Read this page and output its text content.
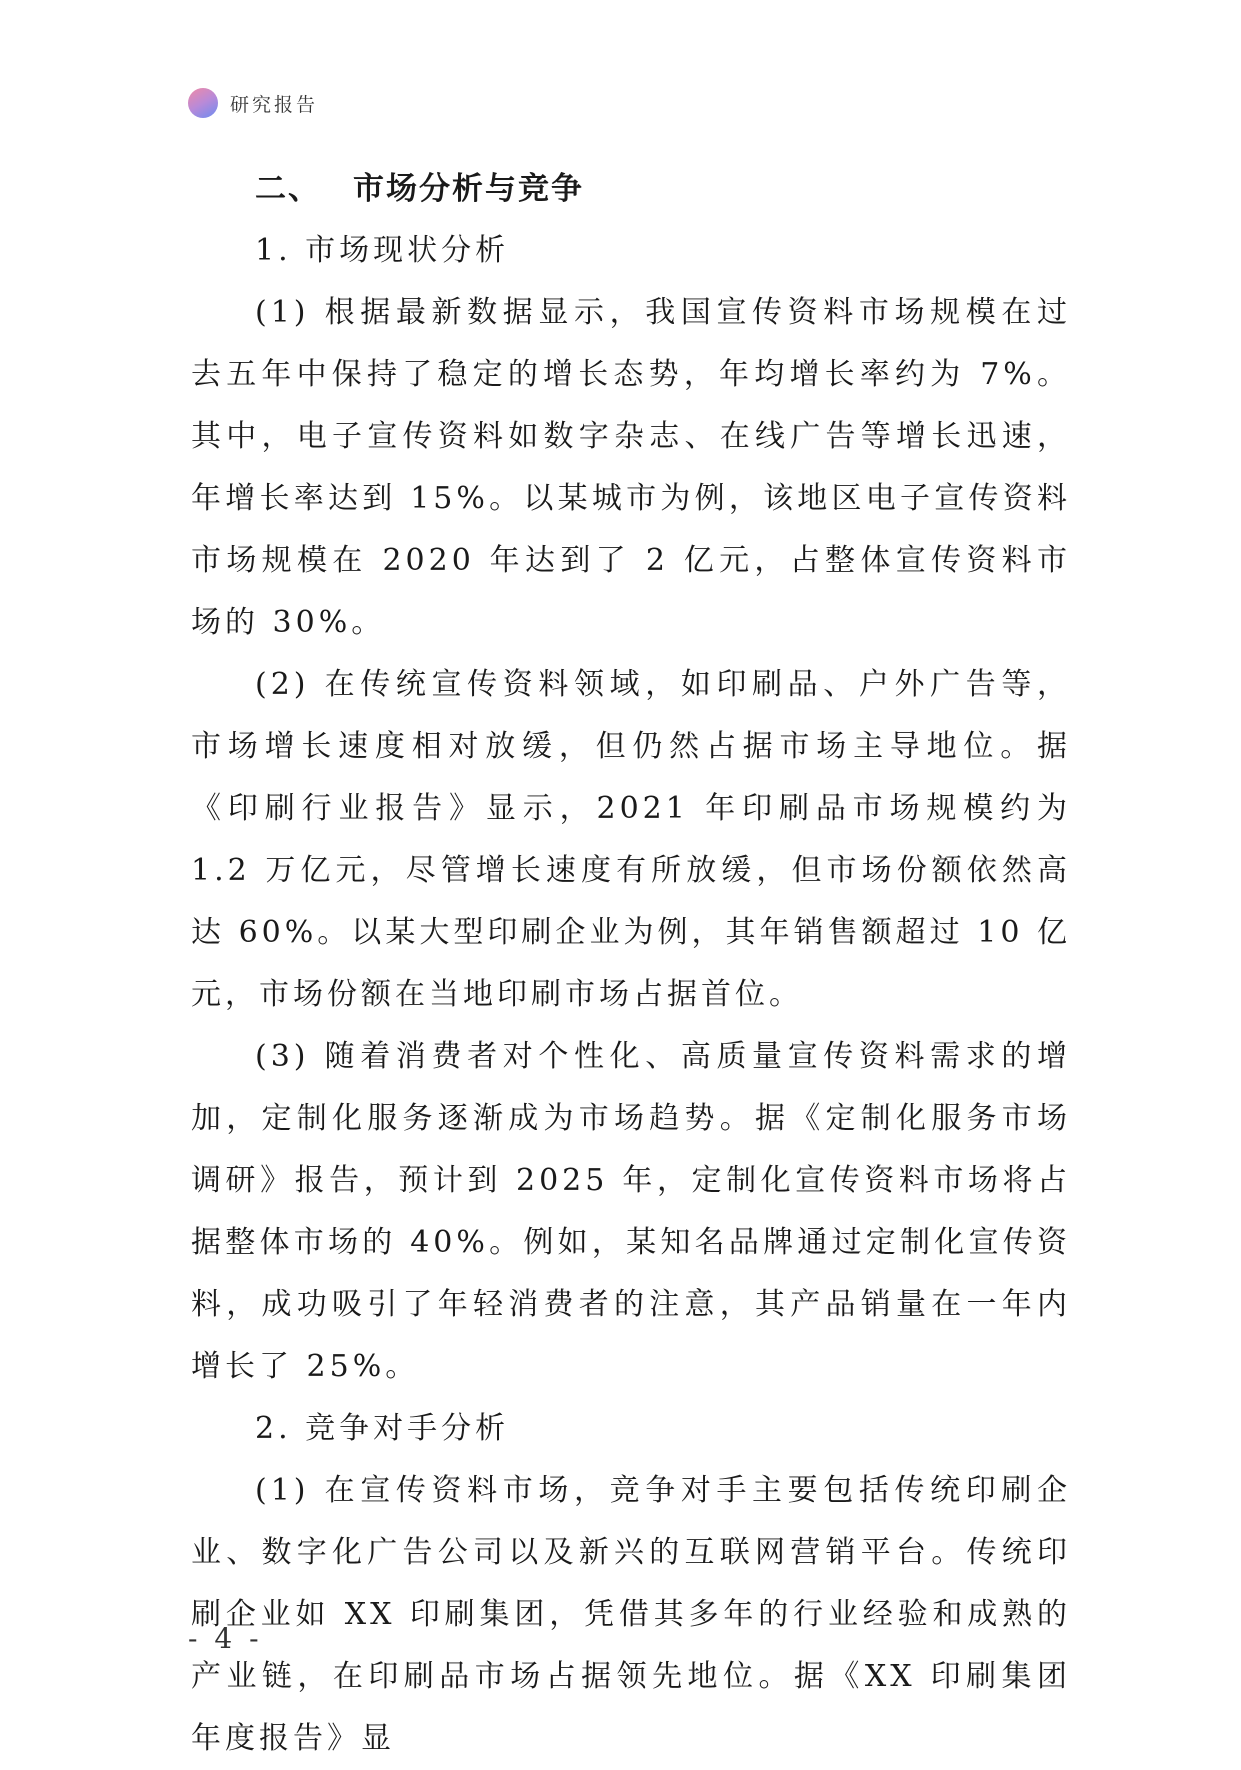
研究报告
二、 市场分析与竞争
1. 市场现状分析

(1) 根据最新数据显示，我国宣传资料市场规模在过去五年中保持了稳定的增长态势，年均增长率约为 7%。其中，电子宣传资料如数字杂志、在线广告等增长迅速，年增长率达到 15%。以某城市为例，该地区电子宣传资料市场规模在 2020 年达到了 2 亿元，占整体宣传资料市场的 30%。

(2) 在传统宣传资料领域，如印刷品、户外广告等，市场增长速度相对放缓，但仍然占据市场主导地位。据《印刷行业报告》显示，2021 年印刷品市场规模约为 1.2 万亿元，尽管增长速度有所放缓，但市场份额依然高达 60%。以某大型印刷企业为例，其年销售额超过 10 亿元，市场份额在当地印刷市场占据首位。

(3) 随着消费者对个性化、高质量宣传资料需求的增加，定制化服务逐渐成为市场趋势。据《定制化服务市场调研》报告，预计到 2025 年，定制化宣传资料市场将占据整体市场的 40%。例如，某知名品牌通过定制化宣传资料，成功吸引了年轻消费者的注意，其产品销量在一年内增长了 25%。

2. 竞争对手分析

(1) 在宣传资料市场，竞争对手主要包括传统印刷企业、数字化广告公司以及新兴的互联网营销平台。传统印刷企业如 XX 印刷集团，凭借其多年的行业经验和成熟的产业链，在印刷品市场占据领先地位。据《XX 印刷集团年度报告》显

- 4 -
